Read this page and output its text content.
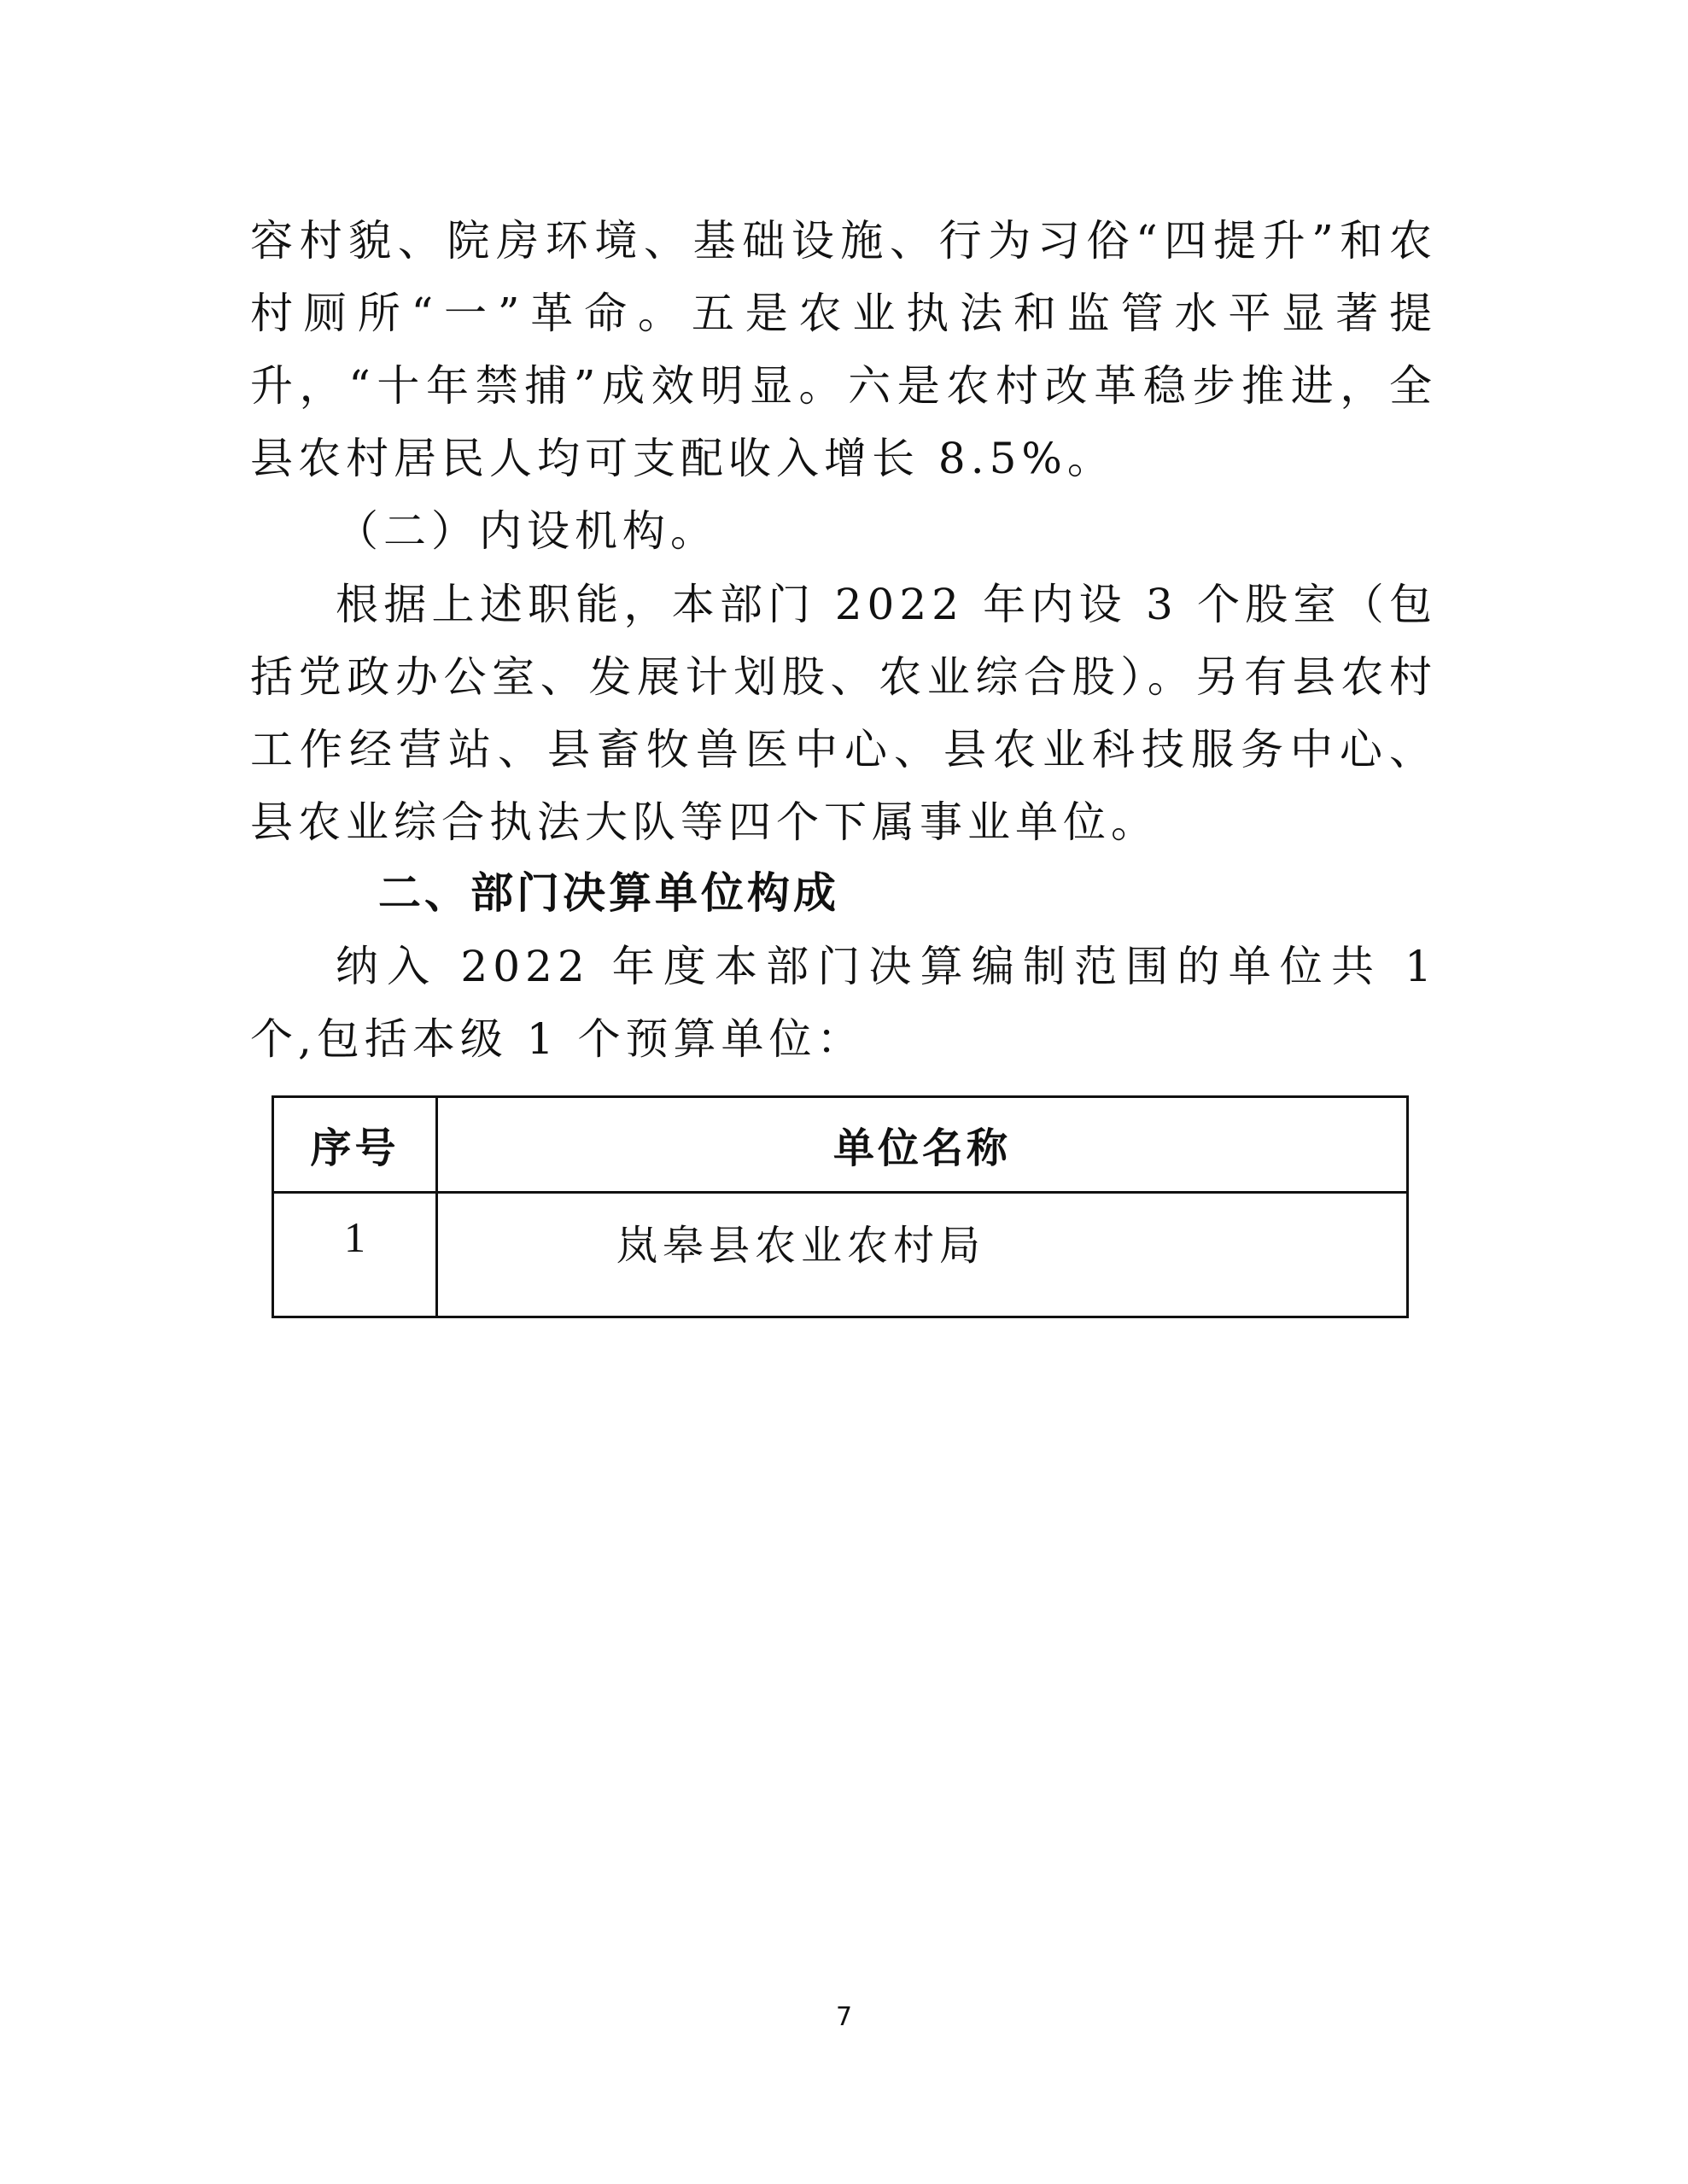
容村貌、院房环境、基础设施、行为习俗“四提升”和农村厕所“一”革命。五是农业执法和监管水平显著提升，“十年禁捕”成效明显。六是农村改革稳步推进，全县农村居民人均可支配收入增长 8.5%。

（二）内设机构。

根据上述职能，本部门 2022 年内设 3 个股室（包括党政办公室、发展计划股、农业综合股）。另有县农村工作经营站、县畜牧兽医中心、县农业科技服务中心、县农业综合执法大队等四个下属事业单位。

二、部门决算单位构成

纳入 2022 年度本部门决算编制范围的单位共 1 个,包括本级 1 个预算单位：

序号	单位名称
1	岚皋县农业农村局
7
